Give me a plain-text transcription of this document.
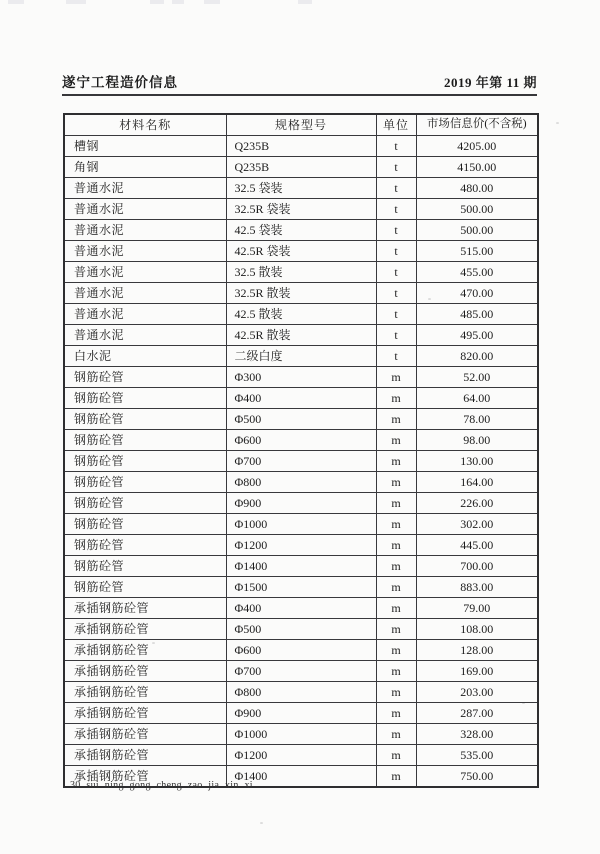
遂宁工程造价信息	2019 年第 11 期
材料名称	规格型号	单位	市场信息价(不含税)
槽钢	Q235B	t	4205.00
角钢	Q235B	t	4150.00
普通水泥	32.5 袋装	t	480.00
普通水泥	32.5R 袋装	t	500.00
普通水泥	42.5 袋装	t	500.00
普通水泥	42.5R 袋装	t	515.00
普通水泥	32.5 散装	t	455.00
普通水泥	32.5R 散装	t	470.00
普通水泥	42.5 散装	t	485.00
普通水泥	42.5R 散装	t	495.00
白水泥	二级白度	t	820.00
钢筋砼管	Φ300	m	52.00
钢筋砼管	Φ400	m	64.00
钢筋砼管	Φ500	m	78.00
钢筋砼管	Φ600	m	98.00
钢筋砼管	Φ700	m	130.00
钢筋砼管	Φ800	m	164.00
钢筋砼管	Φ900	m	226.00
钢筋砼管	Φ1000	m	302.00
钢筋砼管	Φ1200	m	445.00
钢筋砼管	Φ1400	m	700.00
钢筋砼管	Φ1500	m	883.00
承插钢筋砼管	Φ400	m	79.00
承插钢筋砼管	Φ500	m	108.00
承插钢筋砼管	Φ600	m	128.00
承插钢筋砼管	Φ700	m	169.00
承插钢筋砼管	Φ800	m	203.00
承插钢筋砼管	Φ900	m	287.00
承插钢筋砼管	Φ1000	m	328.00
承插钢筋砼管	Φ1200	m	535.00
承插钢筋砼管	Φ1400	m	750.00
30 sui ning gong cheng zao jia xin xi
